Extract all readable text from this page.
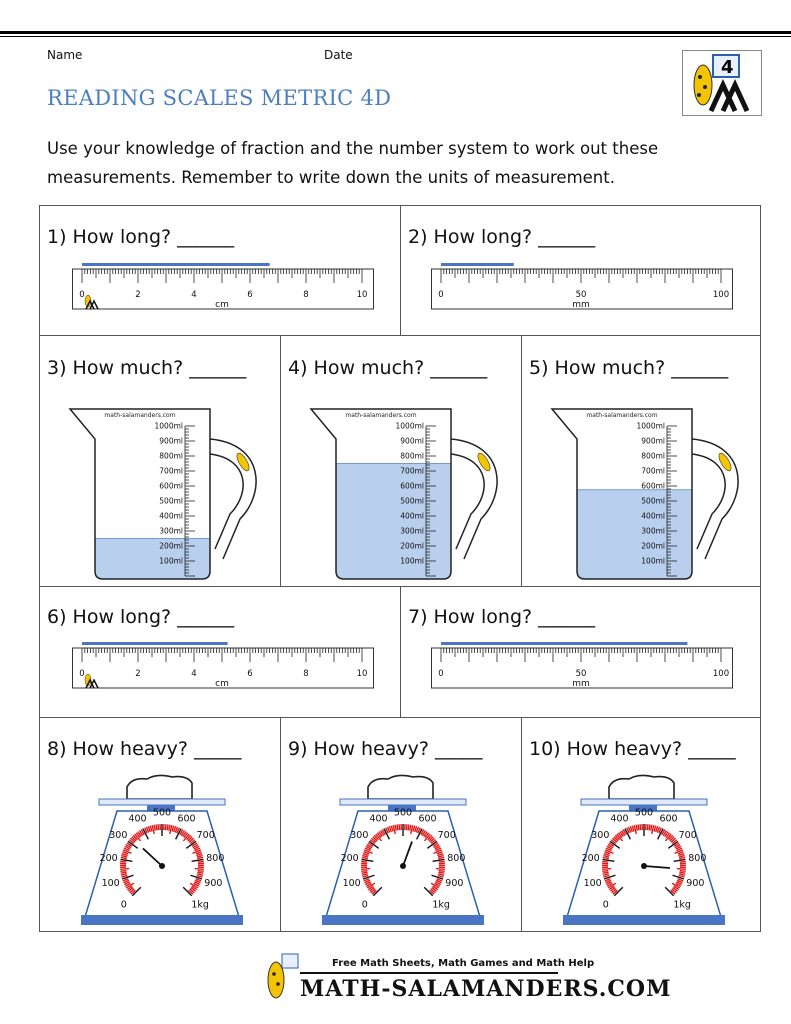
Name	Date
4
READING SCALES METRIC 4D
Use your knowledge of fraction and the number system to work out these measurements. Remember to write down the units of measurement.
1) How long? ______
0	2	4	6	8	10
cm
2) How long? ______
0	50	100
mm
3) How much? ______
math-salamanders.com
1000ml
900ml
800ml
700ml
600ml
500ml
400ml
300ml
200ml
100ml
4) How much? ______
math-salamanders.com
1000ml
900ml
800ml
700ml
600ml
500ml
400ml
300ml
200ml
100ml
5) How much? ______
math-salamanders.com
1000ml
900ml
800ml
700ml
600ml
500ml
400ml
300ml
200ml
100ml
6) How long? ______
0	2	4	6	8	10
cm
7) How long? ______
0	50	100
mm
8) How heavy? _____
0
100
200
300
400
500
600
700
800
900
1kg
9) How heavy? _____
0
100
200
300
400
500
600
700
800
900
1kg
10) How heavy? _____
0
100
200
300
400
500
600
700
800
900
1kg
Free Math Sheets, Math Games and Math Help
MATH-SALAMANDERS.COM
